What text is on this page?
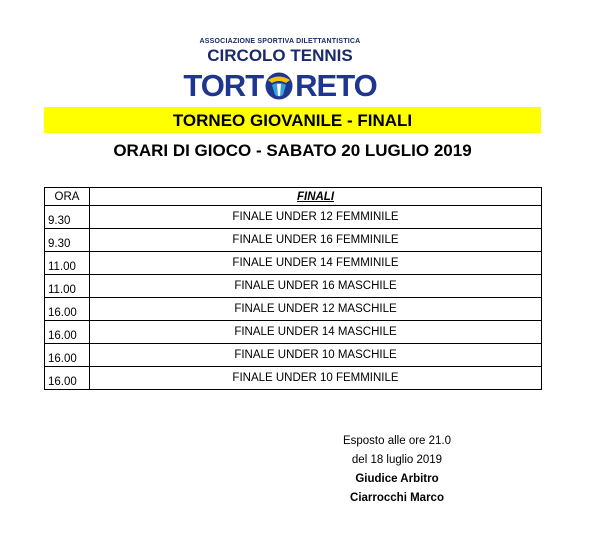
ASSOCIAZIONE SPORTIVA DILETTANTISTICA
CIRCOLO TENNIS
TORT RETO
TORNEO GIOVANILE - FINALI
ORARI DI GIOCO - SABATO 20 LUGLIO 2019
ORA	FINALI
9.30	FINALE UNDER 12 FEMMINILE
9.30	FINALE UNDER 16 FEMMINILE
11.00	FINALE UNDER 14 FEMMINILE
11.00	FINALE UNDER 16 MASCHILE
16.00	FINALE UNDER 12 MASCHILE
16.00	FINALE UNDER 14 MASCHILE
16.00	FINALE UNDER 10 MASCHILE
16.00	FINALE UNDER 10 FEMMINILE
Esposto alle ore 21.0
del 18 luglio 2019
Giudice Arbitro
Ciarrocchi Marco
